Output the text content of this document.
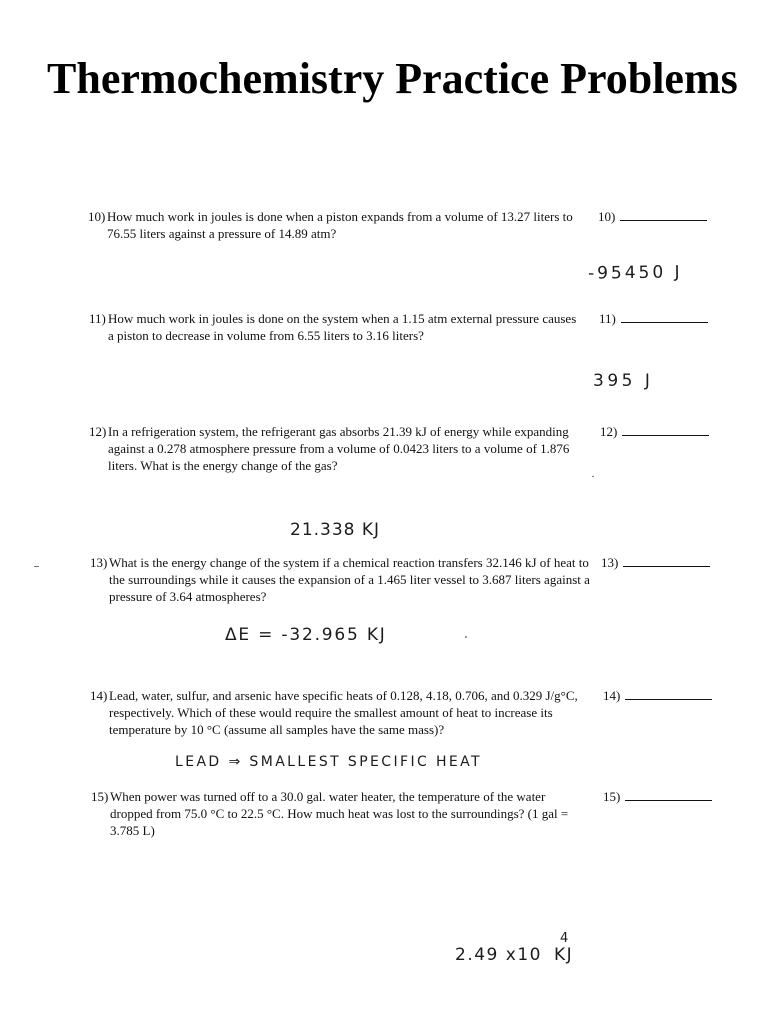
Thermochemistry Practice Problems
10) How much work in joules is done when a piston expands from a volume of 13.27 liters to
76.55 liters against a pressure of 14.89 atm?
10)
-95450 J
11) How much work in joules is done on the system when a 1.15 atm external pressure causes
a piston to decrease in volume from 6.55 liters to 3.16 liters?
11)
395 J
12) In a refrigeration system, the refrigerant gas absorbs 21.39 kJ of energy while expanding
against a 0.278 atmosphere pressure from a volume of 0.0423 liters to a volume of 1.876
liters. What is the energy change of the gas?
12)
21.338 KJ
13) What is the energy change of the system if a chemical reaction transfers 32.146 kJ of heat to
the surroundings while it causes the expansion of a 1.465 liter vessel to 3.687 liters against a
pressure of 3.64 atmospheres?
13)
ΔE = -32.965 KJ
14) Lead, water, sulfur, and arsenic have specific heats of 0.128, 4.18, 0.706, and 0.329 J/g°C,
respectively. Which of these would require the smallest amount of heat to increase its
temperature by 10 °C (assume all samples have the same mass)?
14)
LEAD ⇒ SMALLEST SPECIFIC HEAT
15) When power was turned off to a 30.0 gal. water heater, the temperature of the water
dropped from 75.0 °C to 22.5 °C. How much heat was lost to the surroundings? (1 gal =
3.785 L)
15)
2.49 x104KJ
